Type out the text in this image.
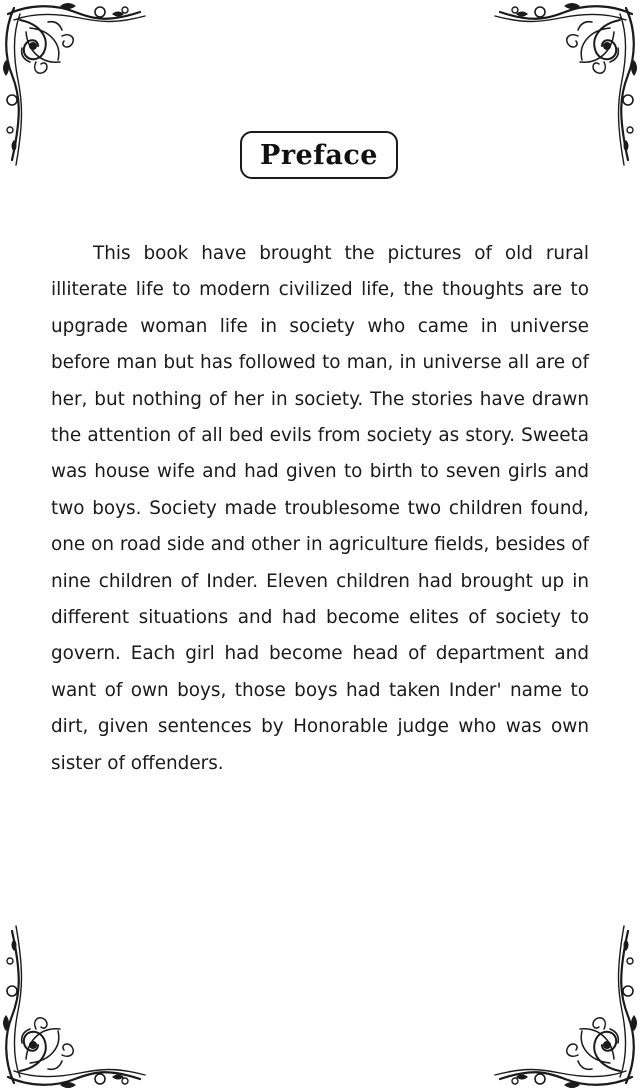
Preface

This book have brought the pictures of old rural illiterate life to modern civilized life, the thoughts are to upgrade woman life in society who came in universe before man but has followed to man, in universe all are of her, but nothing of her in society. The stories have drawn the attention of all bed evils from society as story. Sweeta was house wife and had given to birth to seven girls and two boys. Society made troublesome two children found, one on road side and other in agriculture fields, besides of nine children of Inder. Eleven children had brought up in different situations and had become elites of society to govern. Each girl had become head of department and want of own boys, those boys had taken Inder' name to dirt, given sentences by Honorable judge who was own sister of offenders.
